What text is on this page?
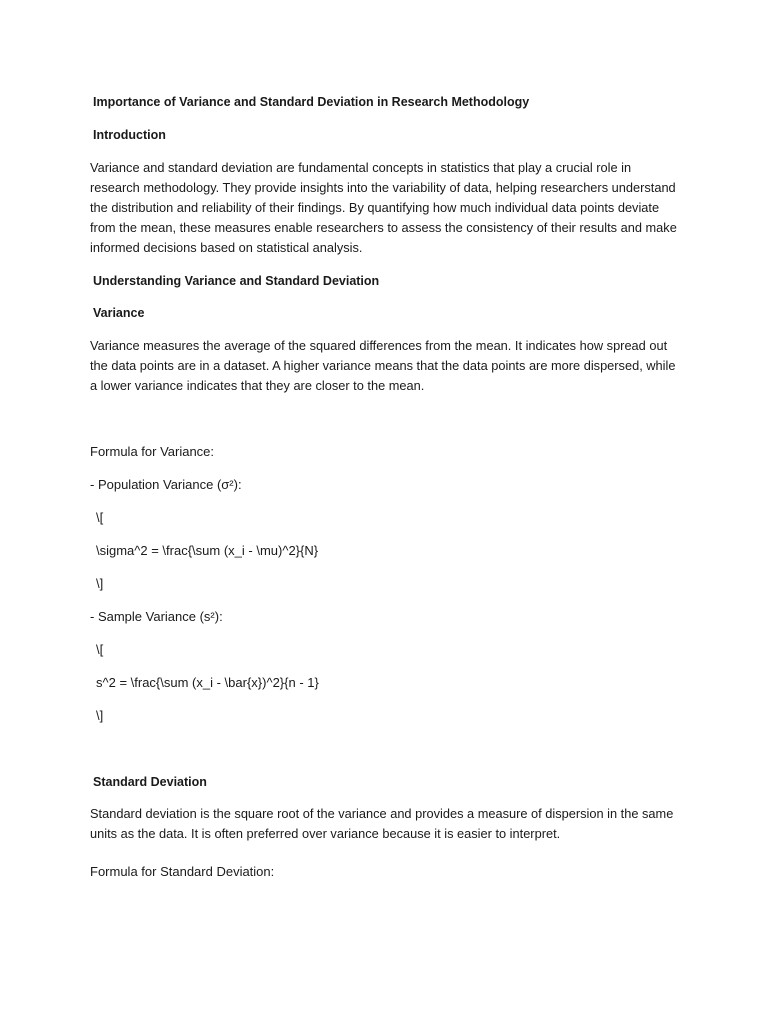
Importance of Variance and Standard Deviation in Research Methodology

Introduction

Variance and standard deviation are fundamental concepts in statistics that play a crucial role in
research methodology. They provide insights into the variability of data, helping researchers understand
the distribution and reliability of their findings. By quantifying how much individual data points deviate
from the mean, these measures enable researchers to assess the consistency of their results and make
informed decisions based on statistical analysis.

Understanding Variance and Standard Deviation

Variance

Variance measures the average of the squared differences from the mean. It indicates how spread out
the data points are in a dataset. A higher variance means that the data points are more dispersed, while
a lower variance indicates that they are closer to the mean.

Formula for Variance:

- Population Variance (σ²):

\[

\sigma^2 = \frac{\sum (x_i - \mu)^2}{N}

\]

- Sample Variance (s²):

\[

s^2 = \frac{\sum (x_i - \bar{x})^2}{n - 1}

\]

Standard Deviation

Standard deviation is the square root of the variance and provides a measure of dispersion in the same
units as the data. It is often preferred over variance because it is easier to interpret.

Formula for Standard Deviation:
